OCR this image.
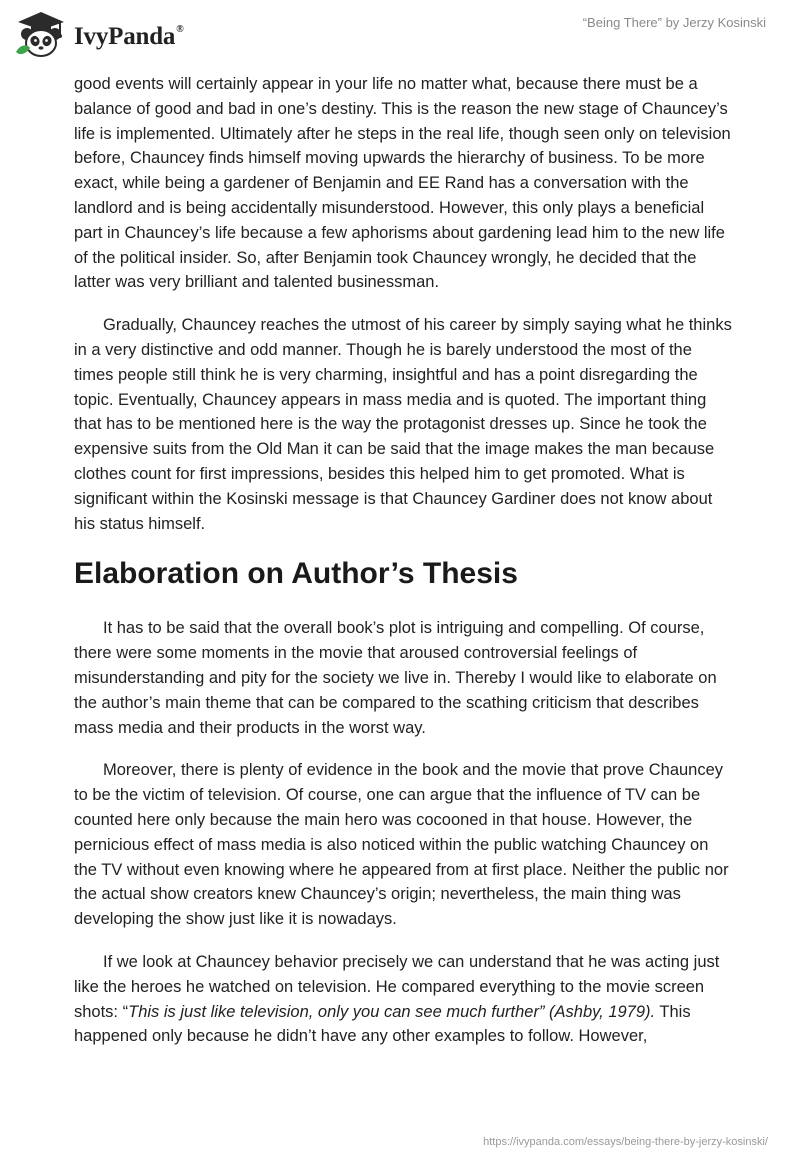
IvyPanda®	“Being There” by Jerzy Kosinski

good events will certainly appear in your life no matter what, because there must be a balance of good and bad in one’s destiny. This is the reason the new stage of Chauncey’s life is implemented. Ultimately after he steps in the real life, though seen only on television before, Chauncey finds himself moving upwards the hierarchy of business. To be more exact, while being a gardener of Benjamin and EE Rand has a conversation with the landlord and is being accidentally misunderstood. However, this only plays a beneficial part in Chauncey’s life because a few aphorisms about gardening lead him to the new life of the political insider. So, after Benjamin took Chauncey wrongly, he decided that the latter was very brilliant and talented businessman.

Gradually, Chauncey reaches the utmost of his career by simply saying what he thinks in a very distinctive and odd manner. Though he is barely understood the most of the times people still think he is very charming, insightful and has a point disregarding the topic. Eventually, Chauncey appears in mass media and is quoted. The important thing that has to be mentioned here is the way the protagonist dresses up. Since he took the expensive suits from the Old Man it can be said that the image makes the man because clothes count for first impressions, besides this helped him to get promoted. What is significant within the Kosinski message is that Chauncey Gardiner does not know about his status himself.

Elaboration on Author’s Thesis

It has to be said that the overall book’s plot is intriguing and compelling. Of course, there were some moments in the movie that aroused controversial feelings of misunderstanding and pity for the society we live in. Thereby I would like to elaborate on the author’s main theme that can be compared to the scathing criticism that describes mass media and their products in the worst way.

Moreover, there is plenty of evidence in the book and the movie that prove Chauncey to be the victim of television. Of course, one can argue that the influence of TV can be counted here only because the main hero was cocooned in that house. However, the pernicious effect of mass media is also noticed within the public watching Chauncey on the TV without even knowing where he appeared from at first place. Neither the public nor the actual show creators knew Chauncey’s origin; nevertheless, the main thing was developing the show just like it is nowadays.

If we look at Chauncey behavior precisely we can understand that he was acting just like the heroes he watched on television. He compared everything to the movie screen shots: “This is just like television, only you can see much further” (Ashby, 1979). This happened only because he didn’t have any other examples to follow. However,

https://ivypanda.com/essays/being-there-by-jerzy-kosinski/
